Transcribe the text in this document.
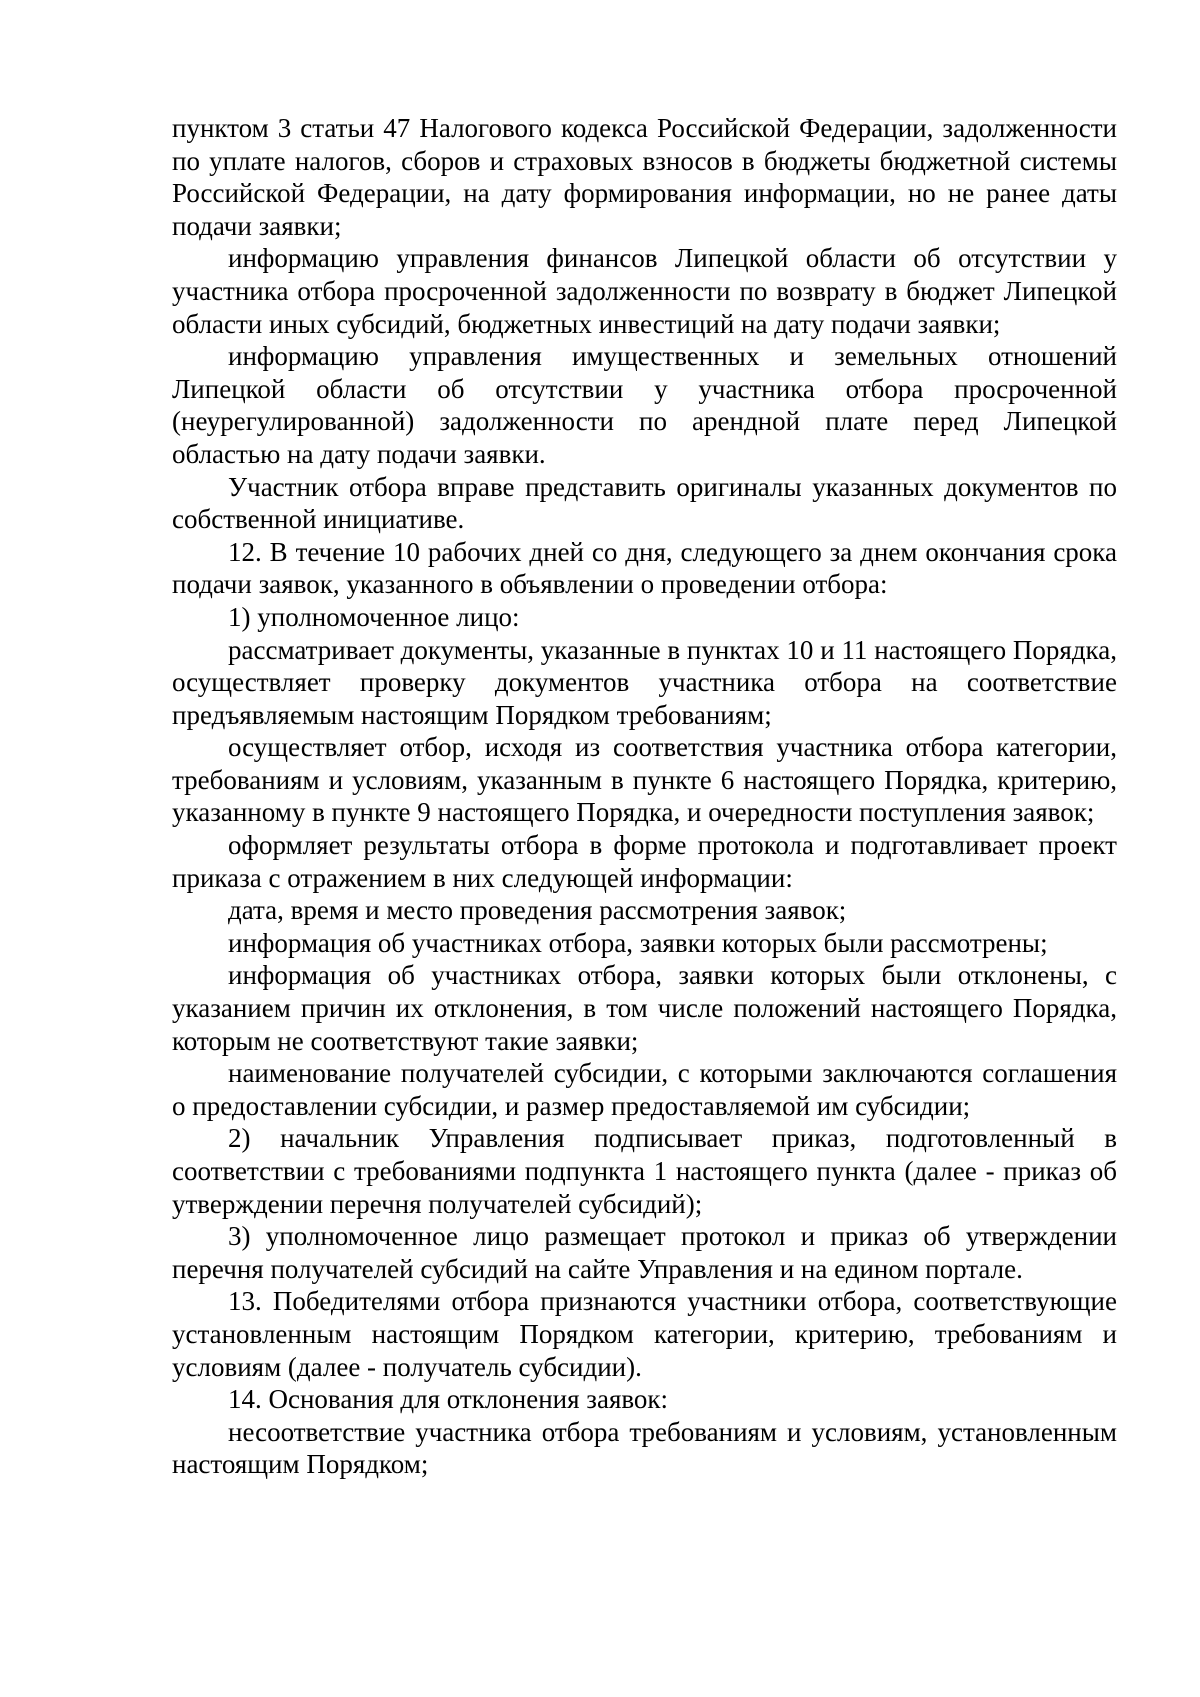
пунктом 3 статьи 47 Налогового кодекса Российской Федерации, задолженности по уплате налогов, сборов и страховых взносов в бюджеты бюджетной системы Российской Федерации, на дату формирования информации, но не ранее даты подачи заявки;

информацию управления финансов Липецкой области об отсутствии у участника отбора просроченной задолженности по возврату в бюджет Липецкой области иных субсидий, бюджетных инвестиций на дату подачи заявки;

информацию управления имущественных и земельных отношений Липецкой области об отсутствии у участника отбора просроченной (неурегулированной) задолженности по арендной плате перед Липецкой областью на дату подачи заявки.

Участник отбора вправе представить оригиналы указанных документов по собственной инициативе.

12. В течение 10 рабочих дней со дня, следующего за днем окончания срока подачи заявок, указанного в объявлении о проведении отбора:

1) уполномоченное лицо:

рассматривает документы, указанные в пунктах 10 и 11 настоящего Порядка, осуществляет проверку документов участника отбора на соответствие предъявляемым настоящим Порядком требованиям;

осуществляет отбор, исходя из соответствия участника отбора категории, требованиям и условиям, указанным в пункте 6 настоящего Порядка, критерию, указанному в пункте 9 настоящего Порядка, и очередности поступления заявок;

оформляет результаты отбора в форме протокола и подготавливает проект приказа с отражением в них следующей информации:

дата, время и место проведения рассмотрения заявок;

информация об участниках отбора, заявки которых были рассмотрены;

информация об участниках отбора, заявки которых были отклонены, с указанием причин их отклонения, в том числе положений настоящего Порядка, которым не соответствуют такие заявки;

наименование получателей субсидии, с которыми заключаются соглашения о предоставлении субсидии, и размер предоставляемой им субсидии;

2) начальник Управления подписывает приказ, подготовленный в соответствии с требованиями подпункта 1 настоящего пункта (далее - приказ об утверждении перечня получателей субсидий);

3) уполномоченное лицо размещает протокол и приказ об утверждении перечня получателей субсидий на сайте Управления и на едином портале.

13. Победителями отбора признаются участники отбора, соответствующие установленным настоящим Порядком категории, критерию, требованиям и условиям (далее - получатель субсидии).

14. Основания для отклонения заявок:

несоответствие участника отбора требованиям и условиям, установленным настоящим Порядком;
